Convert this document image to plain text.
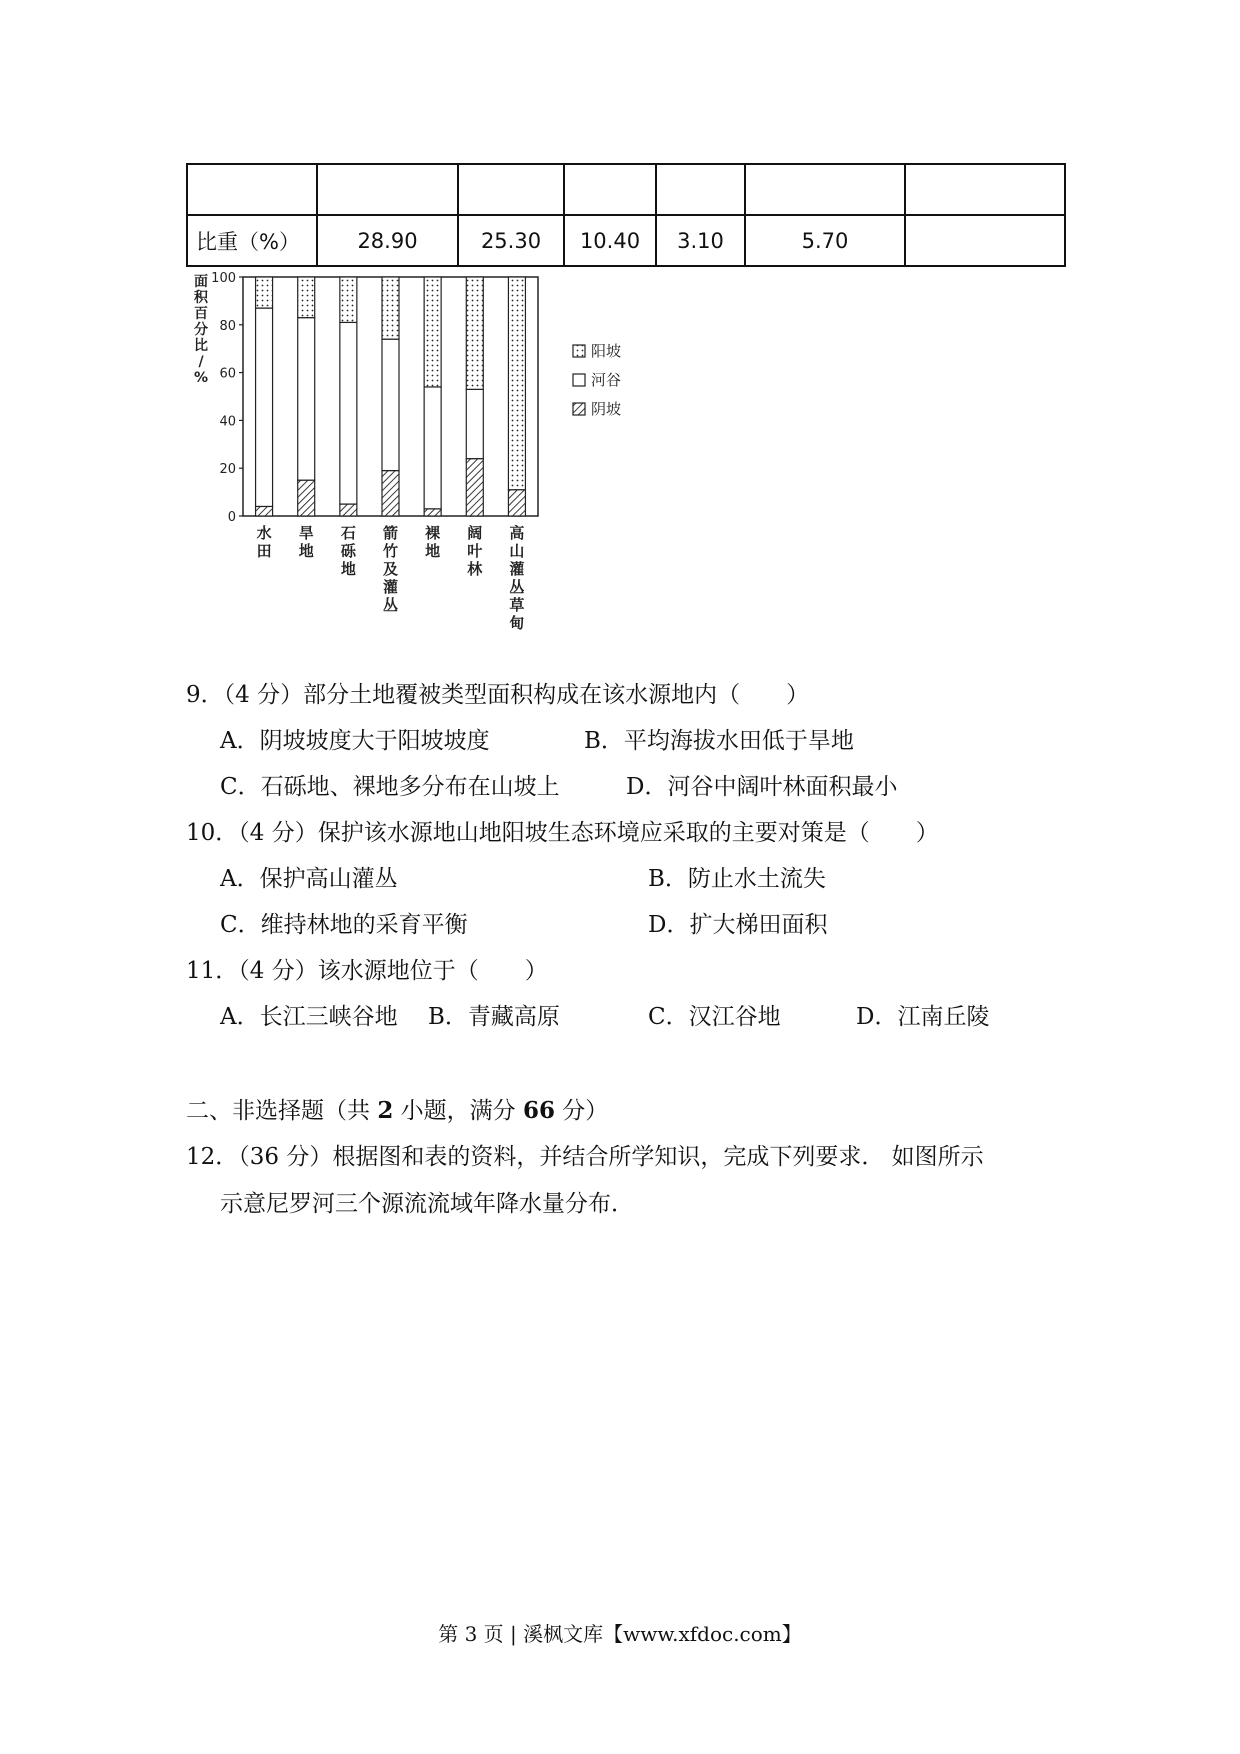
比重（%）	28.90	25.30	10.40	3.10	5.70	
100
80
60
40
20
0
面
积
百
分
比
/
%
水
田
旱
地
石
砾
地
箭
竹
及
灌
丛
裸
地
阔
叶
林
高
山
灌
丛
草
甸
阳坡
河谷
阴坡
9．（4 分）部分土地覆被类型面积构成在该水源地内（　　）
A．阴坡坡度大于阳坡坡度	B．平均海拔水田低于旱地
C．石砾地、裸地多分布在山坡上	D．河谷中阔叶林面积最小
10．（4 分）保护该水源地山地阳坡生态环境应采取的主要对策是（　　）
A．保护高山灌丛	B．防止水土流失
C．维持林地的采育平衡	D．扩大梯田面积
11．（4 分）该水源地位于（　　）
A．长江三峡谷地 B．青藏高原	C．汉江谷地	D．江南丘陵
二、非选择题（共 2 小题，满分 66 分）
12．（36 分）根据图和表的资料，并结合所学知识，完成下列要求． 如图所示
示意尼罗河三个源流流域年降水量分布．
第 3 页 | 溪枫文库【www.xfdoc.com】
